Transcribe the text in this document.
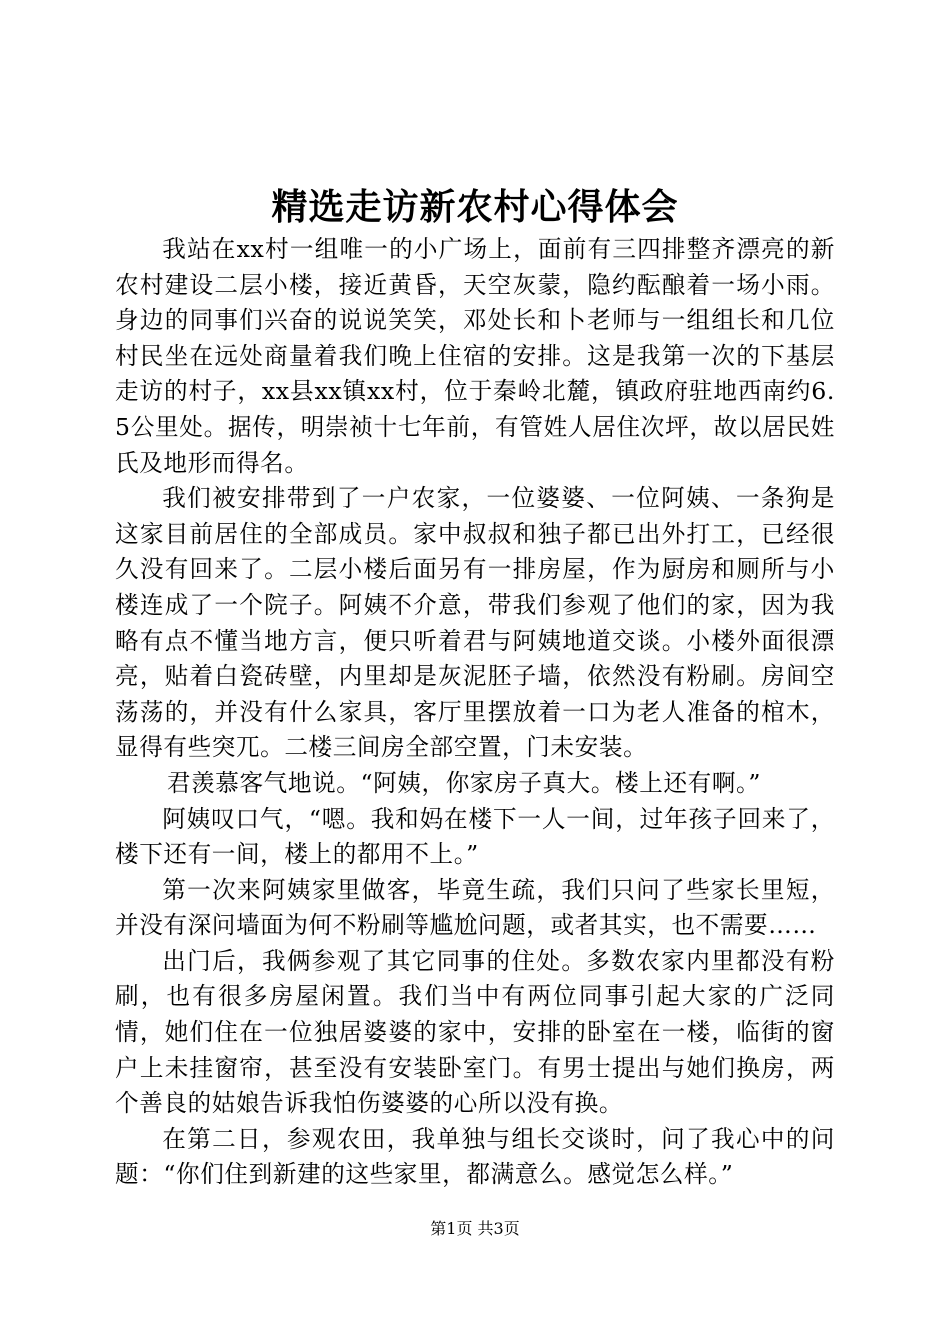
精选走访新农村心得体会

我站在xx村一组唯一的小广场上，面前有三四排整齐漂亮的新农村建设二层小楼，接近黄昏，天空灰蒙，隐约酝酿着一场小雨。身边的同事们兴奋的说说笑笑，邓处长和卜老师与一组组长和几位村民坐在远处商量着我们晚上住宿的安排。这是我第一次的下基层走访的村子，xx县xx镇xx村，位于秦岭北麓，镇政府驻地西南约6.5公里处。据传，明崇祯十七年前，有管姓人居住次坪，故以居民姓氏及地形而得名。

我们被安排带到了一户农家，一位婆婆、一位阿姨、一条狗是这家目前居住的全部成员。家中叔叔和独子都已出外打工，已经很久没有回来了。二层小楼后面另有一排房屋，作为厨房和厕所与小楼连成了一个院子。阿姨不介意，带我们参观了他们的家，因为我略有点不懂当地方言，便只听着君与阿姨地道交谈。小楼外面很漂亮，贴着白瓷砖壁，内里却是灰泥胚子墙，依然没有粉刷。房间空荡荡的，并没有什么家具，客厅里摆放着一口为老人准备的棺木，显得有些突兀。二楼三间房全部空置，门未安装。

君羡慕客气地说。“阿姨，你家房子真大。楼上还有啊。”

阿姨叹口气，“嗯。我和妈在楼下一人一间，过年孩子回来了，楼下还有一间，楼上的都用不上。”

第一次来阿姨家里做客，毕竟生疏，我们只问了些家长里短，并没有深问墙面为何不粉刷等尴尬问题，或者其实，也不需要……

出门后，我俩参观了其它同事的住处。多数农家内里都没有粉刷，也有很多房屋闲置。我们当中有两位同事引起大家的广泛同情，她们住在一位独居婆婆的家中，安排的卧室在一楼，临街的窗户上未挂窗帘，甚至没有安装卧室门。有男士提出与她们换房，两个善良的姑娘告诉我怕伤婆婆的心所以没有换。

在第二日，参观农田，我单独与组长交谈时，问了我心中的问题：“你们住到新建的这些家里，都满意么。感觉怎么样。”

第1页 共3页
